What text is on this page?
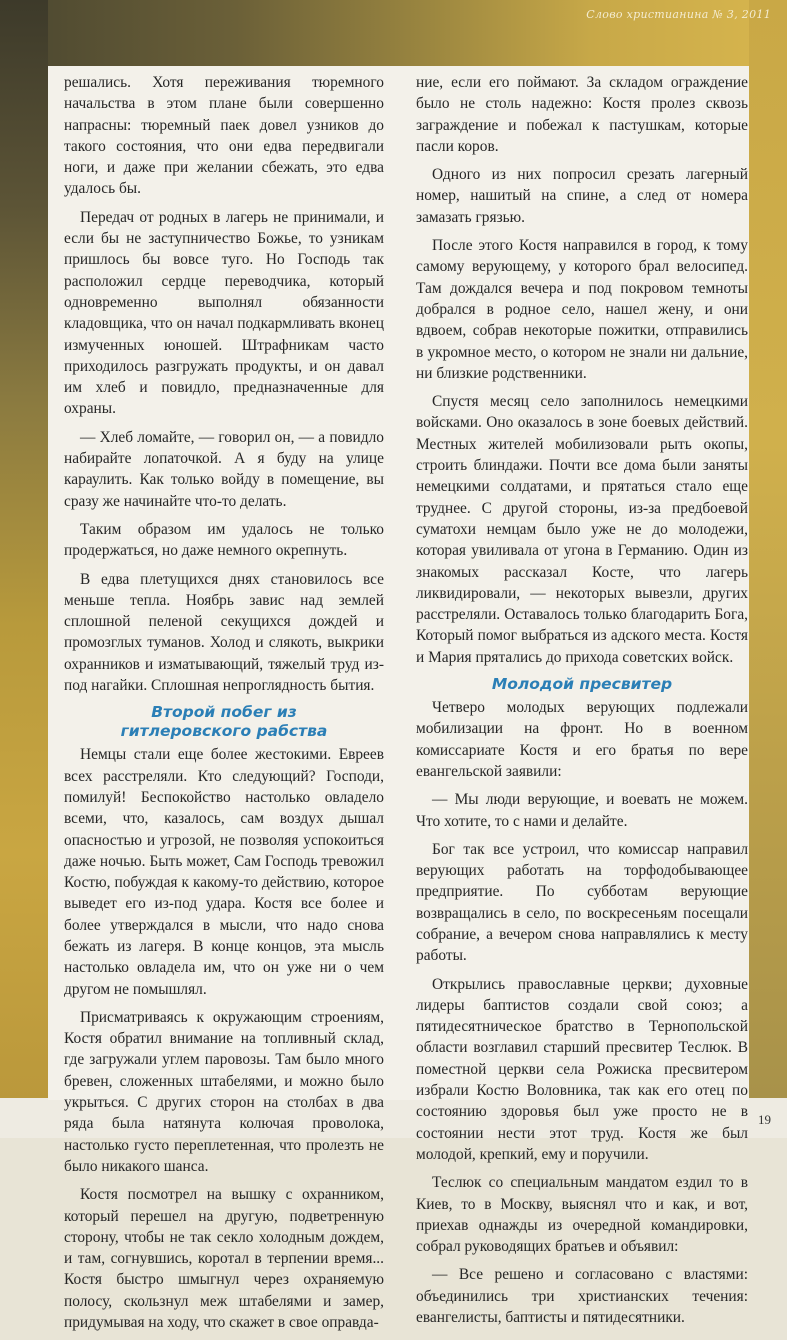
Слово христианина № 3, 2011

решались. Хотя переживания тюремного начальства в этом плане были совершенно напрасны: тюремный паек довел узников до такого состояния, что они едва передвигали ноги, и даже при желании сбежать, это едва удалось бы.

Передач от родных в лагерь не принимали, и если бы не заступничество Божье, то узникам пришлось бы вовсе туго. Но Господь так расположил сердце переводчика, который одновременно выполнял обязанности кладовщика, что он начал подкармливать вконец измученных юношей. Штрафникам часто приходилось разгружать продукты, и он давал им хлеб и повидло, предназначенные для охраны.

— Хлеб ломайте, — говорил он, — а повидло набирайте лопаточкой. А я буду на улице караулить. Как только войду в помещение, вы сразу же начинайте что-то делать.

Таким образом им удалось не только продержаться, но даже немного окрепнуть.

В едва плетущихся днях становилось все меньше тепла. Ноябрь завис над землей сплошной пеленой секущихся дождей и промозглых туманов. Холод и слякоть, выкрики охранников и изматывающий, тяжелый труд из-под нагайки. Сплошная непроглядность бытия.

Второй побег из
гитлеровского рабства

Немцы стали еще более жестокими. Евреев всех расстреляли. Кто следующий? Господи, помилуй! Беспокойство настолько овладело всеми, что, казалось, сам воздух дышал опасностью и угрозой, не позволяя успокоиться даже ночью. Быть может, Сам Господь тревожил Костю, побуждая к какому-то действию, которое выведет его из-под удара. Костя все более и более утверждался в мысли, что надо снова бежать из лагеря. В конце концов, эта мысль настолько овладела им, что он уже ни о чем другом не помышлял.

Присматриваясь к окружающим строениям, Костя обратил внимание на топливный склад, где загружали углем паровозы. Там было много бревен, сложенных штабелями, и можно было укрыться. С других сторон на столбах в два ряда была натянута колючая проволока, настолько густо переплетенная, что пролезть не было никакого шанса.

Костя посмотрел на вышку с охранником, который перешел на другую, подветренную сторону, чтобы не так секло холодным дождем, и там, согнувшись, коротал в терпении время... Костя быстро шмыгнул через охраняемую полосу, скользнул меж штабелями и замер, придумывая на ходу, что скажет в свое оправда-

ние, если его поймают. За складом ограждение было не столь надежно: Костя пролез сквозь заграждение и побежал к пастушкам, которые пасли коров.

Одного из них попросил срезать лагерный номер, нашитый на спине, а след от номера замазать грязью.

После этого Костя направился в город, к тому самому верующему, у которого брал велосипед. Там дождался вечера и под покровом темноты добрался в родное село, нашел жену, и они вдвоем, собрав некоторые пожитки, отправились в укромное место, о котором не знали ни дальние, ни близкие родственники.

Спустя месяц село заполнилось немецкими войсками. Оно оказалось в зоне боевых действий. Местных жителей мобилизовали рыть окопы, строить блиндажи. Почти все дома были заняты немецкими солдатами, и прятаться стало еще труднее. С другой стороны, из-за предбоевой суматохи немцам было уже не до молодежи, которая увиливала от угона в Германию. Один из знакомых рассказал Косте, что лагерь ликвидировали, — некоторых вывезли, других расстреляли. Оставалось только благодарить Бога, Который помог выбраться из адского места. Костя и Мария прятались до прихода советских войск.

Молодой пресвитер

Четверо молодых верующих подлежали мобилизации на фронт. Но в военном комиссариате Костя и его братья по вере евангельской заявили:

— Мы люди верующие, и воевать не можем. Что хотите, то с нами и делайте.

Бог так все устроил, что комиссар направил верующих работать на торфодобывающее предприятие. По субботам верующие возвращались в село, по воскресеньям посещали собрание, а вечером снова направлялись к месту работы.

Открылись православные церкви; духовные лидеры баптистов создали свой союз; а пятидесятническое братство в Тернопольской области возглавил старший пресвитер Теслюк. В поместной церкви села Рожиска пресвитером избрали Костю Воловника, так как его отец по состоянию здоровья был уже просто не в состоянии нести этот труд. Костя же был молодой, крепкий, ему и поручили.

Теслюк со специальным мандатом ездил то в Киев, то в Москву, выяснял что и как, и вот, приехав однажды из очередной командировки, собрал руководящих братьев и объявил:

— Все решено и согласовано с властями: объединились три христианских течения: евангелисты, баптисты и пятидесятники.

19
